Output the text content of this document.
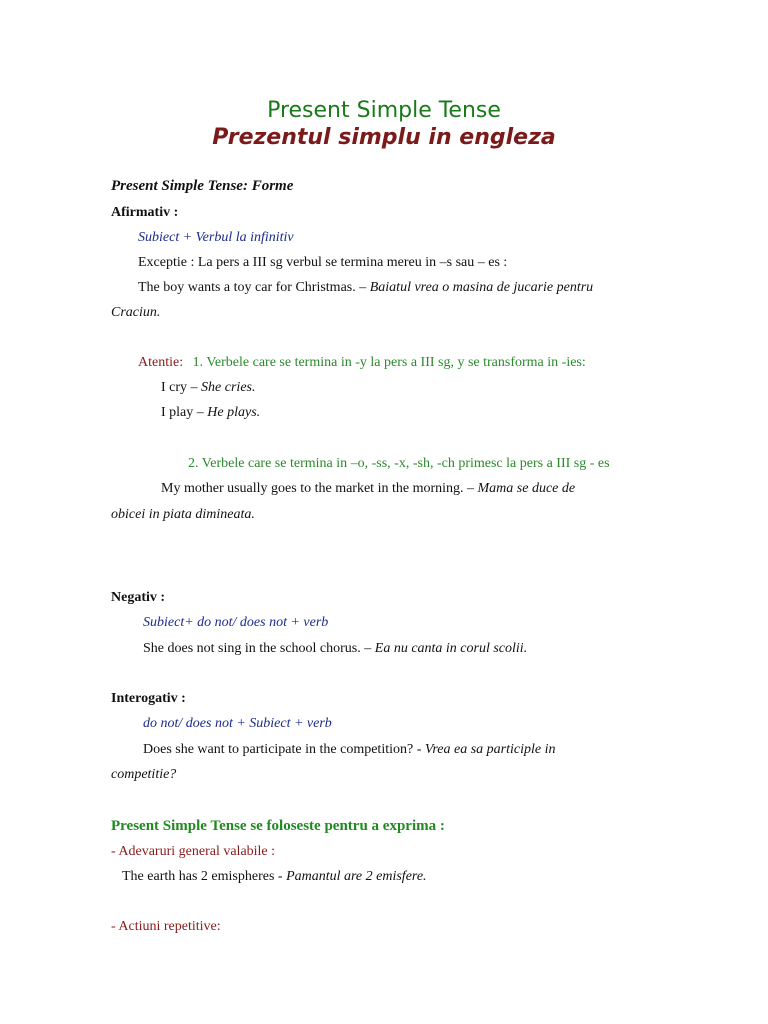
Present Simple Tense
Prezentul simplu in engleza
Present Simple Tense: Forme
Afirmativ :
Subiect + Verbul la infinitiv
Exceptie : La pers a III sg verbul se termina mereu in –s sau – es :
The boy wants a toy car for Christmas. – Baiatul vrea o masina de jucarie pentru
Craciun.
Atentie: 1. Verbele care se termina in -y la pers a III sg, y se transforma in -ies:
I cry – She cries.
I play – He plays.
2. Verbele care se termina in –o, -ss, -x, -sh, -ch primesc la pers a III sg - es
My mother usually goes to the market in the morning. – Mama se duce de
obicei in piata dimineata.
Negativ :
Subiect+ do not/ does not + verb
She does not sing in the school chorus. – Ea nu canta in corul scolii.
Interogativ :
do not/ does not + Subiect + verb
Does she want to participate in the competition? - Vrea ea sa participle in
competitie?
Present Simple Tense se foloseste pentru a exprima :
- Adevaruri general valabile :
The earth has 2 emispheres - Pamantul are 2 emisfere.
- Actiuni repetitive:
